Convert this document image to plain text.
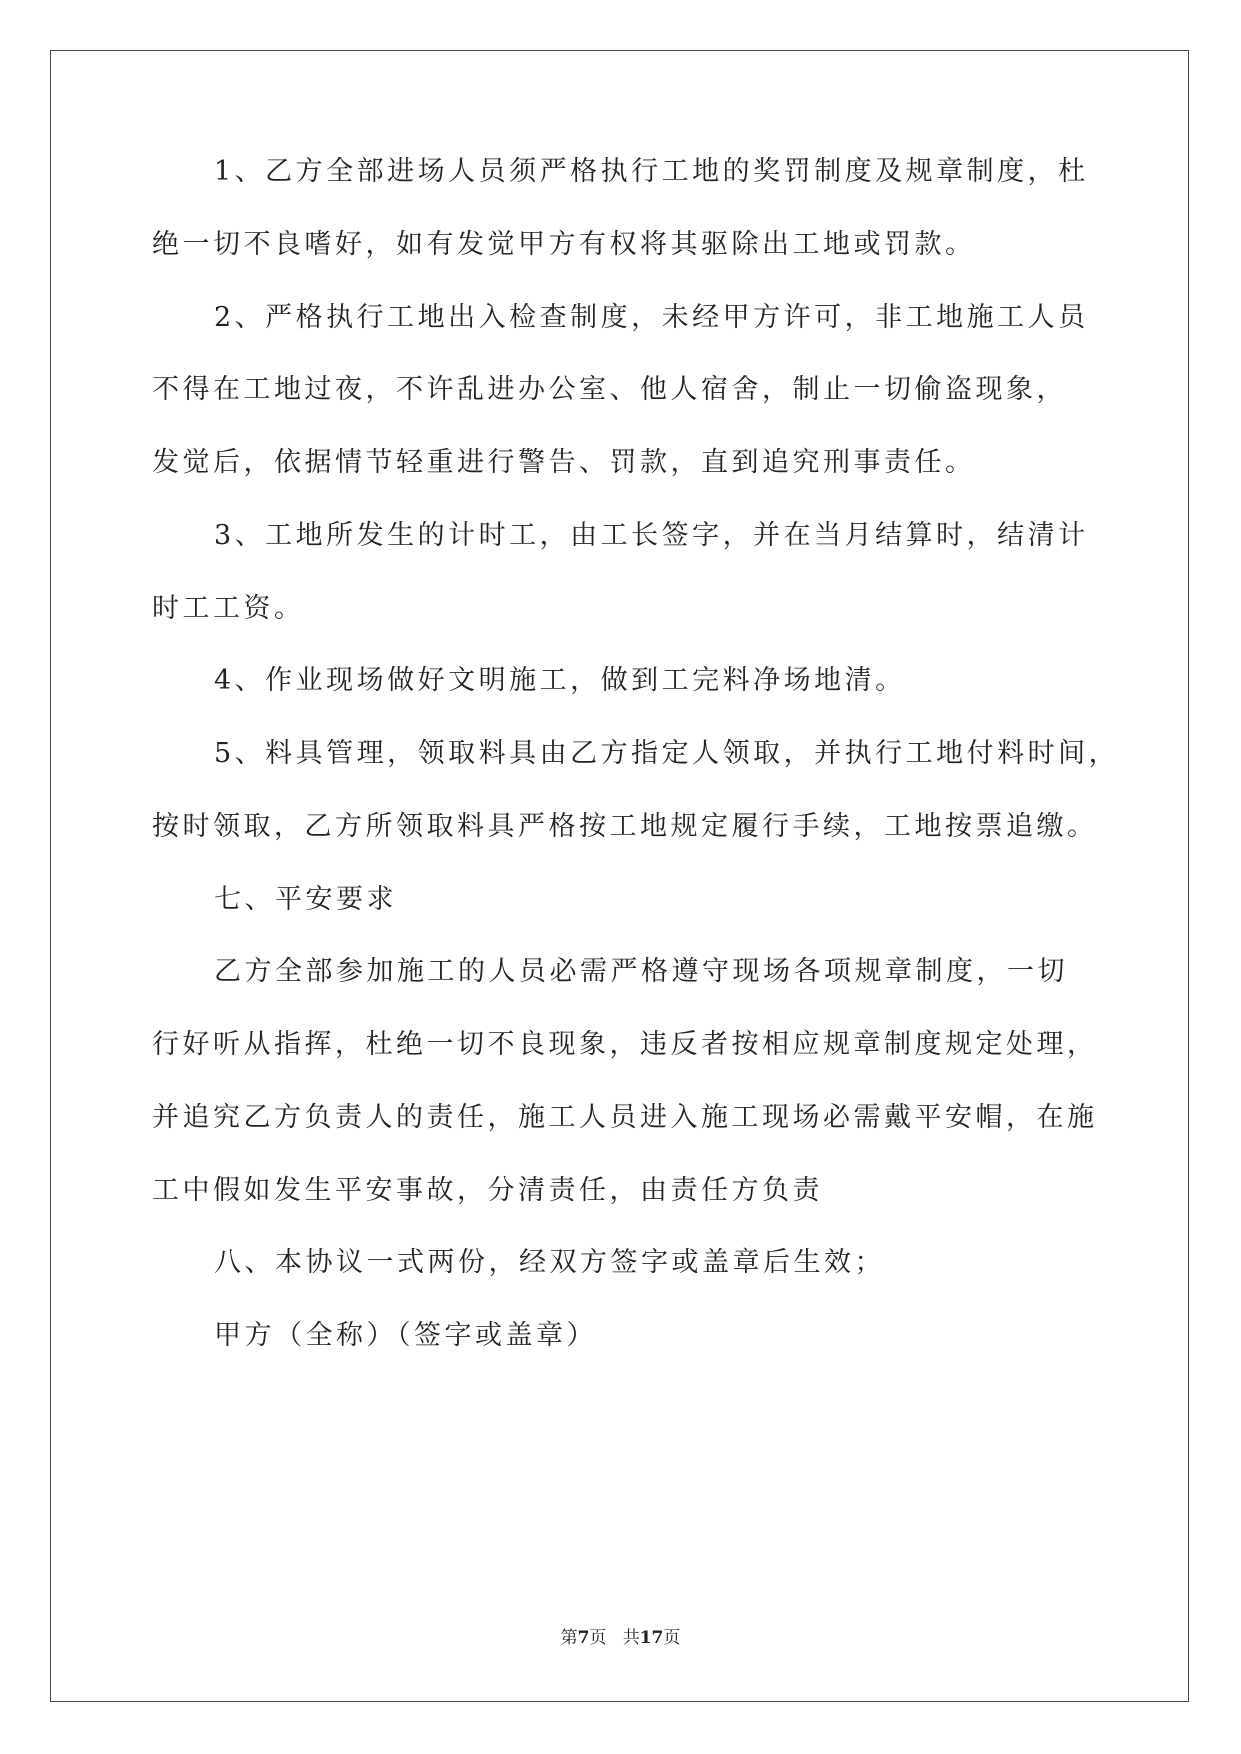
1、乙方全部进场人员须严格执行工地的奖罚制度及规章制度，杜
绝一切不良嗜好，如有发觉甲方有权将其驱除出工地或罚款。
2、严格执行工地出入检查制度，未经甲方许可，非工地施工人员
不得在工地过夜，不许乱进办公室、他人宿舍，制止一切偷盗现象，
发觉后，依据情节轻重进行警告、罚款，直到追究刑事责任。
3、工地所发生的计时工，由工长签字，并在当月结算时，结清计
时工工资。
4、作业现场做好文明施工，做到工完料净场地清。
5、料具管理，领取料具由乙方指定人领取，并执行工地付料时间，
按时领取，乙方所领取料具严格按工地规定履行手续，工地按票追缴。
七、平安要求
乙方全部参加施工的人员必需严格遵守现场各项规章制度，一切
行好听从指挥，杜绝一切不良现象，违反者按相应规章制度规定处理，
并追究乙方负责人的责任，施工人员进入施工现场必需戴平安帽，在施
工中假如发生平安事故，分清责任，由责任方负责
八、本协议一式两份，经双方签字或盖章后生效；
甲方（全称）（签字或盖章）
第7页 共17页
